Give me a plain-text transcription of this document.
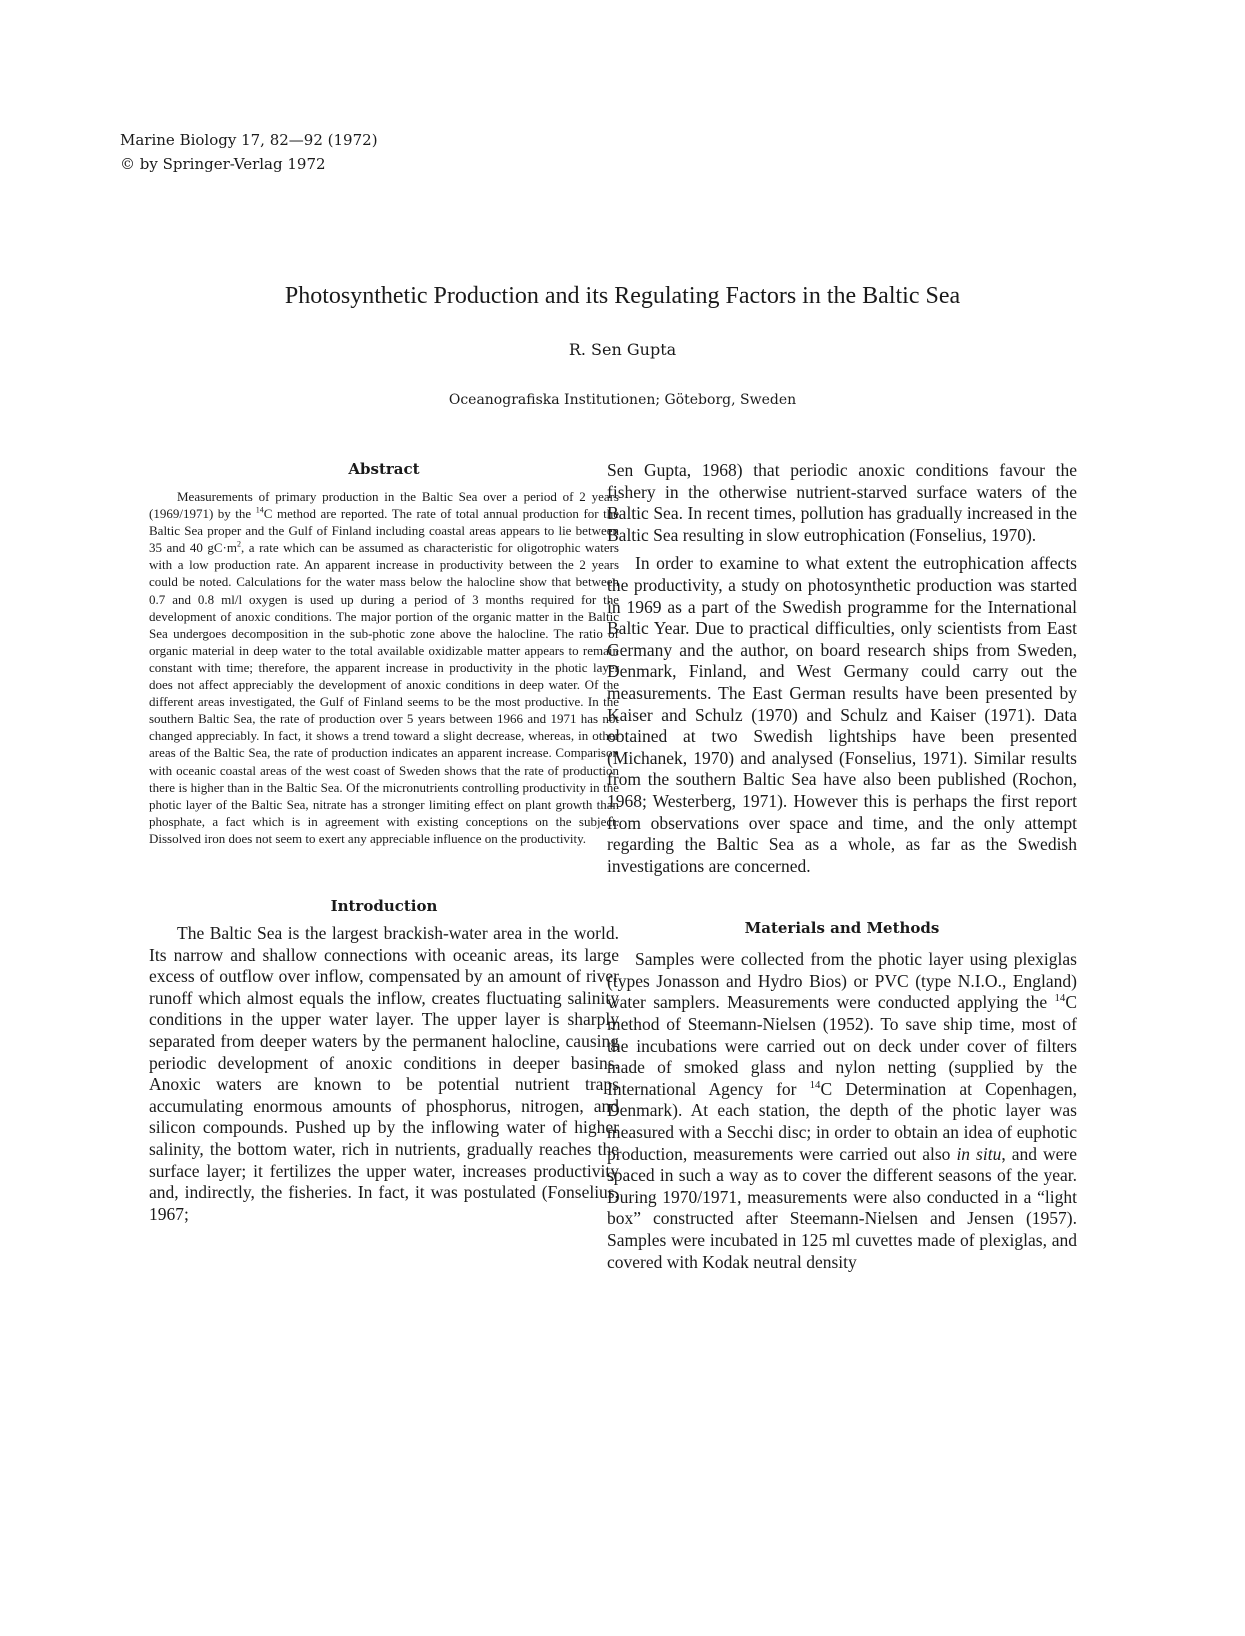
Marine Biology 17, 82—92 (1972)
© by Springer-Verlag 1972
Photosynthetic Production and its Regulating Factors in the Baltic Sea
R. Sen Gupta
Oceanografiska Institutionen; Göteborg, Sweden

Abstract

Measurements of primary production in the Baltic Sea over a period of 2 years (1969/1971) by the $^{14}$C method are reported. The rate of total annual production for the Baltic Sea proper and the Gulf of Finland including coastal areas appears to lie between 35 and 40 $gC\cdot m^2$, a rate which can be assumed as characteristic for oligotrophic waters with a low production rate. An apparent increase in productivity between the 2 years could be noted. Calculations for the water mass below the halocline show that between 0.7 and 0.8 ml/l oxygen is used up during a period of 3 months required for the development of anoxic conditions. The major portion of the organic matter in the Baltic Sea undergoes decomposition in the sub-photic zone above the halocline. The ratio of organic material in deep water to the total available oxidizable matter appears to remain constant with time; therefore, the apparent increase in productivity in the photic layer does not affect appreciably the development of anoxic conditions in deep water. Of the different areas investigated, the Gulf of Finland seems to be the most productive. In the southern Baltic Sea, the rate of production over 5 years between 1966 and 1971 has not changed appreciably. In fact, it shows a trend toward a slight decrease, whereas, in other areas of the Baltic Sea, the rate of production indicates an apparent increase. Comparison with oceanic coastal areas of the west coast of Sweden shows that the rate of production there is higher than in the Baltic Sea. Of the micronutrients controlling productivity in the photic layer of the Baltic Sea, nitrate has a stronger limiting effect on plant growth than phosphate, a fact which is in agreement with existing conceptions on the subject. Dissolved iron does not seem to exert any appreciable influence on the productivity.

Introduction

The Baltic Sea is the largest brackish-water area in the world. Its narrow and shallow connections with oceanic areas, its large excess of outflow over inflow, compensated by an amount of river runoff which almost equals the inflow, creates fluctuating salinity conditions in the upper water layer. The upper layer is sharply separated from deeper waters by the permanent halocline, causing periodic development of anoxic conditions in deeper basins. Anoxic waters are known to be potential nutrient traps accumulating enormous amounts of phosphorus, nitrogen, and silicon compounds. Pushed up by the inflowing water of higher salinity, the bottom water, rich in nutrients, gradually reaches the surface layer; it fertilizes the upper water, increases productivity and, indirectly, the fisheries. In fact, it was postulated (Fonselius, 1967;

Sen Gupta, 1968) that periodic anoxic conditions favour the fishery in the otherwise nutrient-starved surface waters of the Baltic Sea. In recent times, pollution has gradually increased in the Baltic Sea resulting in slow eutrophication (Fonselius, 1970).

In order to examine to what extent the eutrophication affects the productivity, a study on photosynthetic production was started in 1969 as a part of the Swedish programme for the International Baltic Year. Due to practical difficulties, only scientists from East Germany and the author, on board research ships from Sweden, Denmark, Finland, and West Germany could carry out the measurements. The East German results have been presented by Kaiser and Schulz (1970) and Schulz and Kaiser (1971). Data obtained at two Swedish lightships have been presented (Michanek, 1970) and analysed (Fonselius, 1971). Similar results from the southern Baltic Sea have also been published (Rochon, 1968; Westerberg, 1971). However this is perhaps the first report from observations over space and time, and the only attempt regarding the Baltic Sea as a whole, as far as the Swedish investigations are concerned.

Materials and Methods

Samples were collected from the photic layer using plexiglas (types Jonasson and Hydro Bios) or PVC (type N.I.O., England) water samplers. Measurements were conducted applying the $^{14}$C method of Steemann-Nielsen (1952). To save ship time, most of the incubations were carried out on deck under cover of filters made of smoked glass and nylon netting (supplied by the International Agency for $^{14}$C Determination at Copenhagen, Denmark). At each station, the depth of the photic layer was measured with a Secchi disc; in order to obtain an idea of euphotic production, measurements were carried out also in situ, and were spaced in such a way as to cover the different seasons of the year. During 1970/1971, measurements were also conducted in a “light box” constructed after Steemann-Nielsen and Jensen (1957). Samples were incubated in 125 ml cuvettes made of plexiglas, and covered with Kodak neutral density
